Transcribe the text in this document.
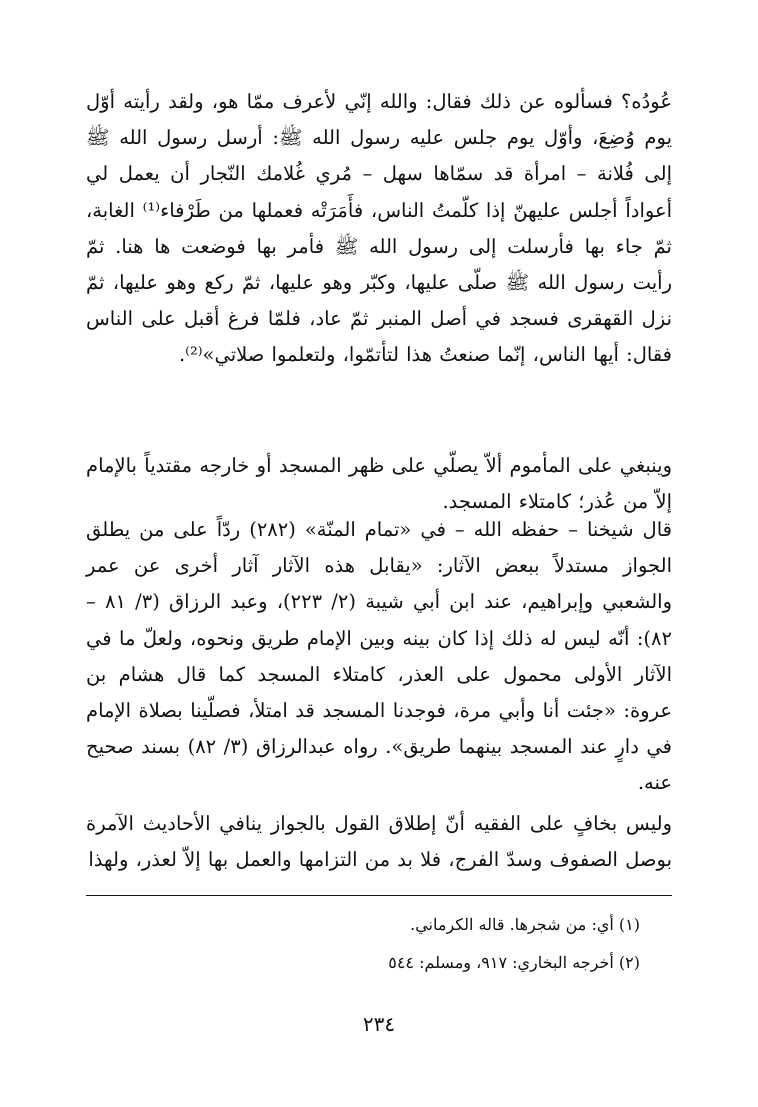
عُودُه؟ فسألوه عن ذلك فقال: والله إنّي لأعرف ممّا هو، ولقد رأيته أوّل يوم وُضِعَ، وأوّل يوم جلس عليه رسول الله ﷺ: أرسل رسول الله ﷺ إلى فُلانة – امرأة قد سمّاها سهل – مُري غُلامك النّجار أن يعمل لي أعواداً أجلس عليهنّ إذا كلّمتُ الناس، فأَمَرَتْه فعملها من طَرْفاء⁽¹⁾ الغابة، ثمّ جاء بها فأرسلت إلى رسول الله ﷺ فأمر بها فوضعت ها هنا. ثمّ رأيت رسول الله ﷺ صلّى عليها، وكبّر وهو عليها، ثمّ ركع وهو عليها، ثمّ نزل القهقرى فسجد في أصل المنبر ثمّ عاد، فلمّا فرغ أقبل على الناس فقال: أيها الناس، إنّما صنعتُ هذا لتأتمّوا، ولتعلموا صلاتي»⁽²⁾.

وينبغي على المأموم ألاّ يصلّي على ظهر المسجد أو خارجه مقتدياً بالإمام إلاّ من عُذر؛ كامتلاء المسجد.

قال شيخنا – حفظه الله – في «تمام المنّة» (٢٨٢) ردّاً على من يطلق الجواز مستدلاً ببعض الآثار: «يقابل هذه الآثار آثار أخرى عن عمر والشعبي وإبراهيم، عند ابن أبي شيبة (٢/ ٢٢٣)، وعبد الرزاق (٣/ ٨١ – ٨٢): أنّه ليس له ذلك إذا كان بينه وبين الإمام طريق ونحوه، ولعلّ ما في الآثار الأولى محمول على العذر، كامتلاء المسجد كما قال هشام بن عروة: «جئت أنا وأبي مرة، فوجدنا المسجد قد امتلأ، فصلّينا بصلاة الإمام في دارٍ عند المسجد بينهما طريق». رواه عبدالرزاق (٣/ ٨٢) بسند صحيح عنه.

وليس بخافٍ على الفقيه أنّ إطلاق القول بالجواز ينافي الأحاديث الآمرة بوصل الصفوف وسدّ الفرج، فلا بد من التزامها والعمل بها إلاّ لعذر، ولهذا

(١) أي: من شجرها. قاله الكرماني.
(٢) أخرجه البخاري: ٩١٧، ومسلم: ٥٤٤
٢٣٤
